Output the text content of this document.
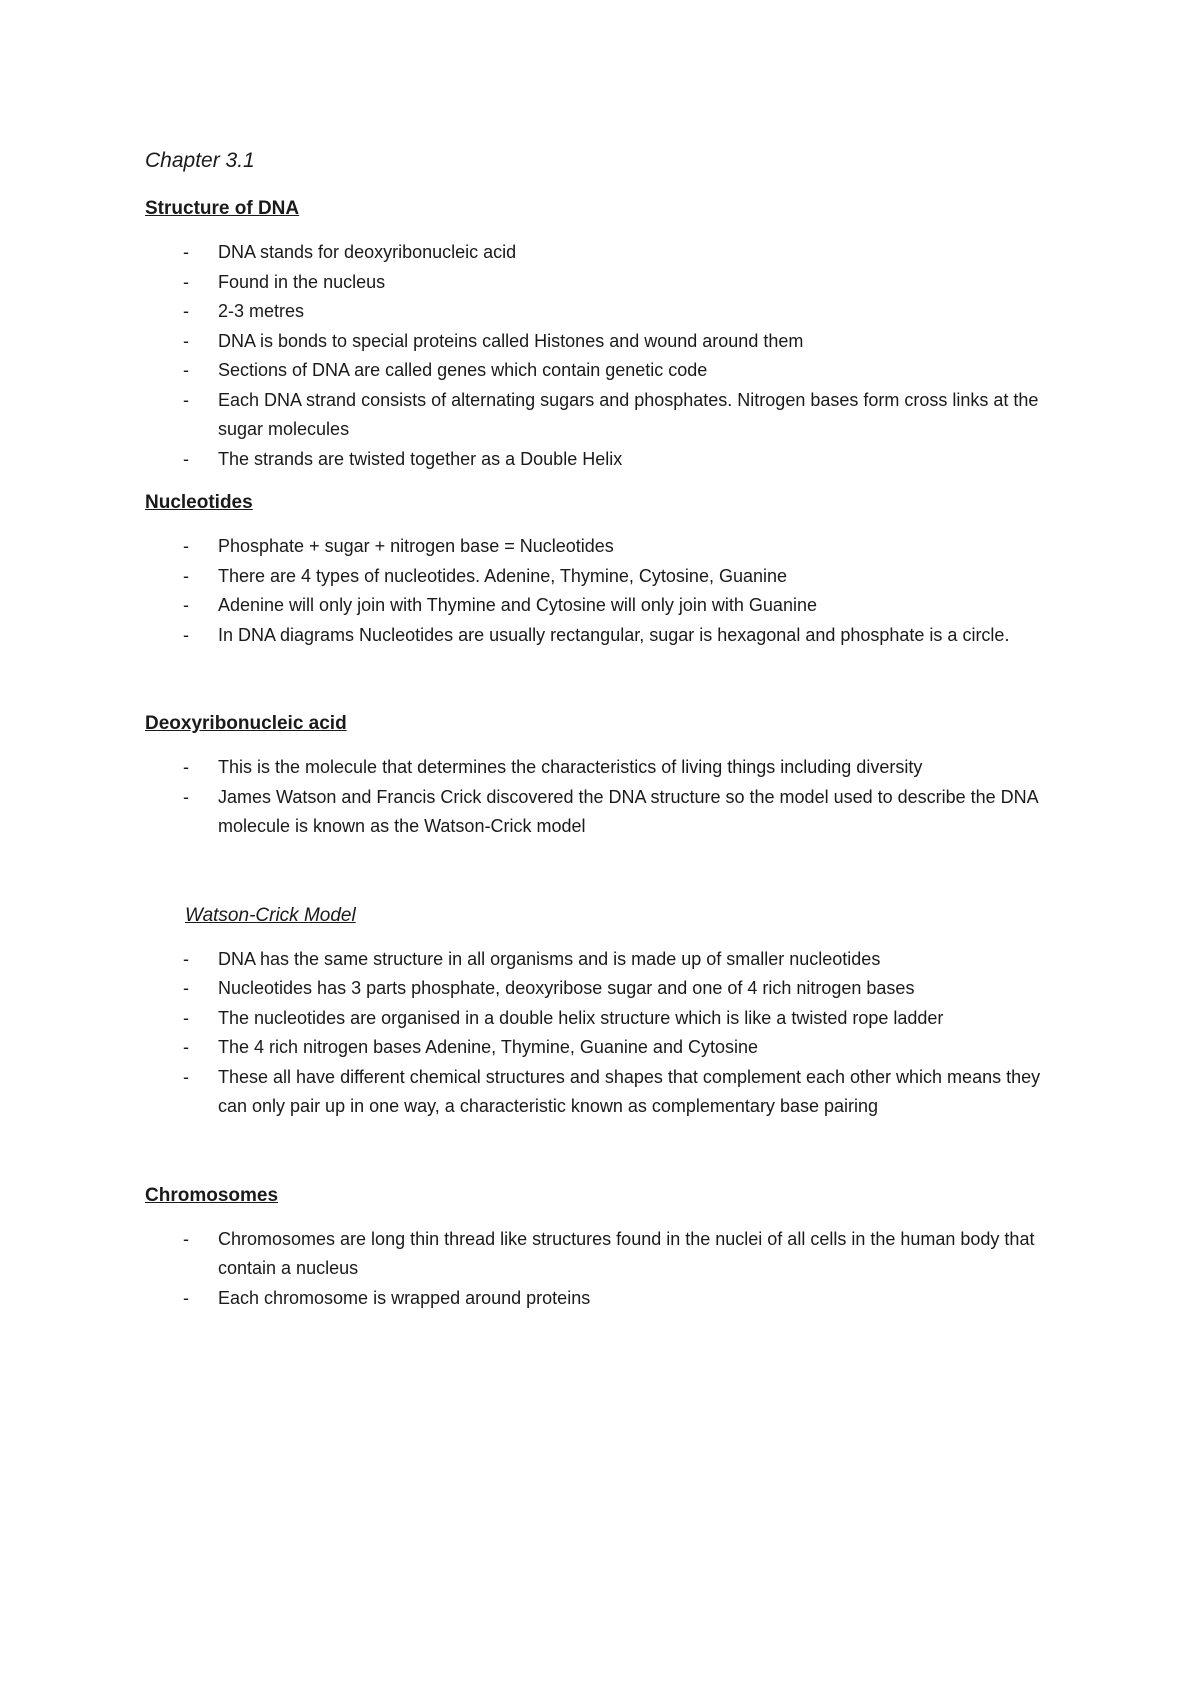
Chapter 3.1
Structure of DNA
- DNA stands for deoxyribonucleic acid
- Found in the nucleus
- 2-3 metres
- DNA is bonds to special proteins called Histones and wound around them
- Sections of DNA are called genes which contain genetic code
- Each DNA strand consists of alternating sugars and phosphates. Nitrogen bases form cross links at the sugar molecules
- The strands are twisted together as a Double Helix
Nucleotides
- Phosphate + sugar + nitrogen base = Nucleotides
- There are 4 types of nucleotides. Adenine, Thymine, Cytosine, Guanine
- Adenine will only join with Thymine and Cytosine will only join with Guanine
- In DNA diagrams Nucleotides are usually rectangular, sugar is hexagonal and phosphate is a circle.
Deoxyribonucleic acid
- This is the molecule that determines the characteristics of living things including diversity
- James Watson and Francis Crick discovered the DNA structure so the model used to describe the DNA molecule is known as the Watson-Crick model
Watson-Crick Model
- DNA has the same structure in all organisms and is made up of smaller nucleotides
- Nucleotides has 3 parts phosphate, deoxyribose sugar and one of 4 rich nitrogen bases
- The nucleotides are organised in a double helix structure which is like a twisted rope ladder
- The 4 rich nitrogen bases Adenine, Thymine, Guanine and Cytosine
- These all have different chemical structures and shapes that complement each other which means they can only pair up in one way, a characteristic known as complementary base pairing
Chromosomes
- Chromosomes are long thin thread like structures found in the nuclei of all cells in the human body that contain a nucleus
- Each chromosome is wrapped around proteins
